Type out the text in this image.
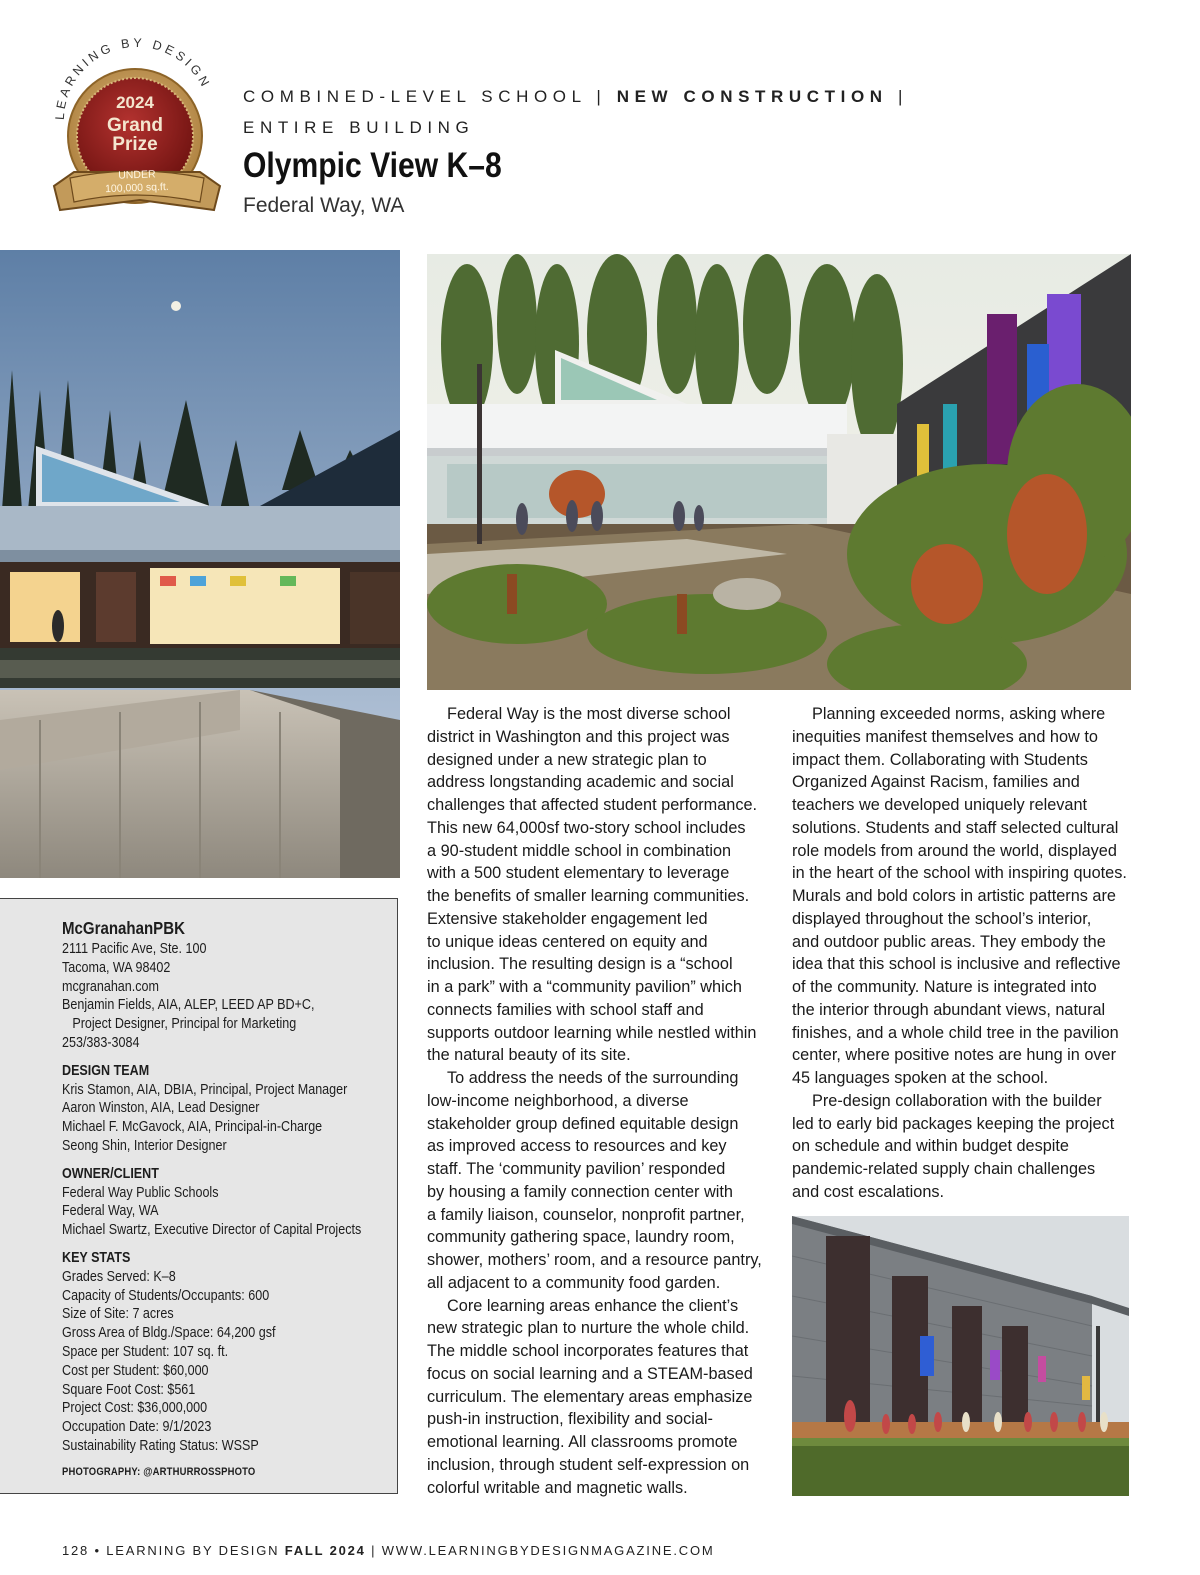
LEARNING BY DESIGN
2024
Grand
Prize
UNDER
100,000 sq.ft.
COMBINED-LEVEL SCHOOL | NEW CONSTRUCTION |
ENTIRE BUILDING
Olympic View K–8
Federal Way, WA
McGranahanPBK
2111 Pacific Ave, Ste. 100
Tacoma, WA 98402
mcgranahan.com
Benjamin Fields, AIA, ALEP, LEED AP BD+C,
Project Designer, Principal for Marketing
253/383-3084
DESIGN TEAM
Kris Stamon, AIA, DBIA, Principal, Project Manager
Aaron Winston, AIA, Lead Designer
Michael F. McGavock, AIA, Principal-in-Charge
Seong Shin, Interior Designer
OWNER/CLIENT
Federal Way Public Schools
Federal Way, WA
Michael Swartz, Executive Director of Capital Projects
KEY STATS
Grades Served: K–8
Capacity of Students/Occupants: 600
Size of Site: 7 acres
Gross Area of Bldg./Space: 64,200 gsf
Space per Student: 107 sq. ft.
Cost per Student: $60,000
Square Foot Cost: $561
Project Cost: $36,000,000
Occupation Date: 9/1/2023
Sustainability Rating Status: WSSP
PHOTOGRAPHY: @ARTHURROSSPHOTO
Federal Way is the most diverse school
district in Washington and this project was
designed under a new strategic plan to
address longstanding academic and social
challenges that affected student performance.
This new 64,000sf two-story school includes
a 90-student middle school in combination
with a 500 student elementary to leverage
the benefits of smaller learning communities.
Extensive stakeholder engagement led
to unique ideas centered on equity and
inclusion. The resulting design is a “school
in a park” with a “community pavilion” which
connects families with school staff and
supports outdoor learning while nestled within
the natural beauty of its site.
To address the needs of the surrounding
low-income neighborhood, a diverse
stakeholder group defined equitable design
as improved access to resources and key
staff. The ‘community pavilion’ responded
by housing a family connection center with
a family liaison, counselor, nonprofit partner,
community gathering space, laundry room,
shower, mothers’ room, and a resource pantry,
all adjacent to a community food garden.
Core learning areas enhance the client’s
new strategic plan to nurture the whole child.
The middle school incorporates features that
focus on social learning and a STEAM-based
curriculum. The elementary areas emphasize
push-in instruction, flexibility and social-
emotional learning. All classrooms promote
inclusion, through student self-expression on
colorful writable and magnetic walls.
Planning exceeded norms, asking where
inequities manifest themselves and how to
impact them. Collaborating with Students
Organized Against Racism, families and
teachers we developed uniquely relevant
solutions. Students and staff selected cultural
role models from around the world, displayed
in the heart of the school with inspiring quotes.
Murals and bold colors in artistic patterns are
displayed throughout the school’s interior,
and outdoor public areas. They embody the
idea that this school is inclusive and reflective
of the community. Nature is integrated into
the interior through abundant views, natural
finishes, and a whole child tree in the pavilion
center, where positive notes are hung in over
45 languages spoken at the school.
Pre-design collaboration with the builder
led to early bid packages keeping the project
on schedule and within budget despite
pandemic-related supply chain challenges
and cost escalations.
128 • LEARNING BY DESIGN FALL 2024 | WWW.LEARNINGBYDESIGNMAGAZINE.COM
